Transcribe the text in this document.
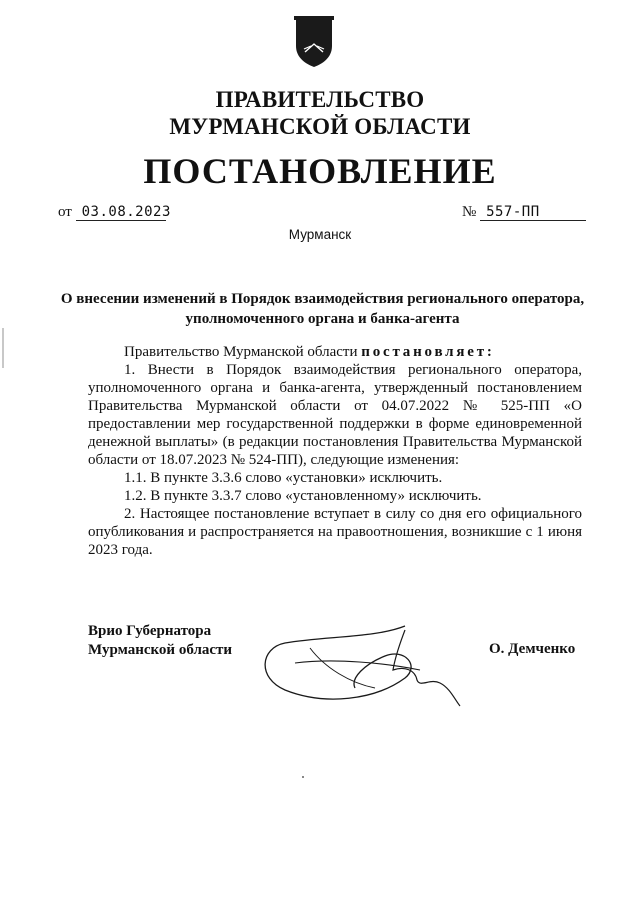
ПРАВИТЕЛЬСТВО
МУРМАНСКОЙ ОБЛАСТИ
ПОСТАНОВЛЕНИЕ
от 03.08.2023	№ 557-ПП
Мурманск
О внесении изменений в Порядок взаимодействия регионального оператора, уполномоченного органа и банка-агента

Правительство Мурманской области постановляет:

1. Внести в Порядок взаимодействия регионального оператора, уполномоченного органа и банка-агента, утвержденный постановлением Правительства Мурманской области от 04.07.2022 № 525-ПП «О предоставлении мер государственной поддержки в форме единовременной денежной выплаты» (в редакции постановления Правительства Мурманской области от 18.07.2023 № 524-ПП), следующие изменения:

1.1. В пункте 3.3.6 слово «установки» исключить.

1.2. В пункте 3.3.7 слово «установленному» исключить.

2. Настоящее постановление вступает в силу со дня его официального опубликования и распространяется на правоотношения, возникшие с 1 июня 2023 года.

Врио Губернатора
Мурманской области	О. Демченко
